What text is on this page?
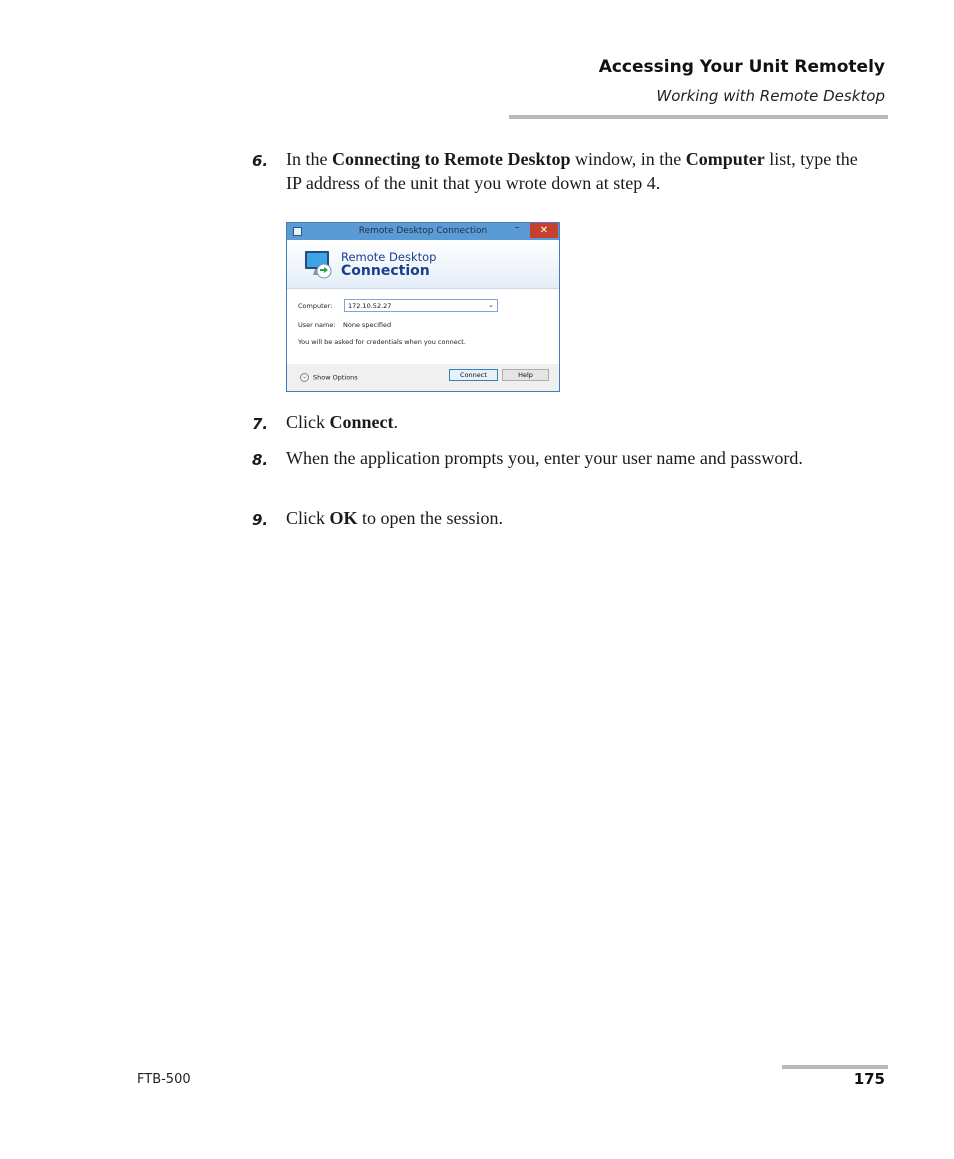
Accessing Your Unit Remotely
Working with Remote Desktop
6. In the Connecting to Remote Desktop window, in the Computer list, type the IP address of the unit that you wrote down at step 4.
Remote Desktop Connection	–	✕
Remote Desktop
Connection
Computer: 172.10.52.27	⌄
User name: None specified
You will be asked for credentials when you connect.
⌄ Show Options	Connect	Help
7. Click Connect.
8. When the application prompts you, enter your user name and password.
9. Click OK to open the session.
FTB-500	175
